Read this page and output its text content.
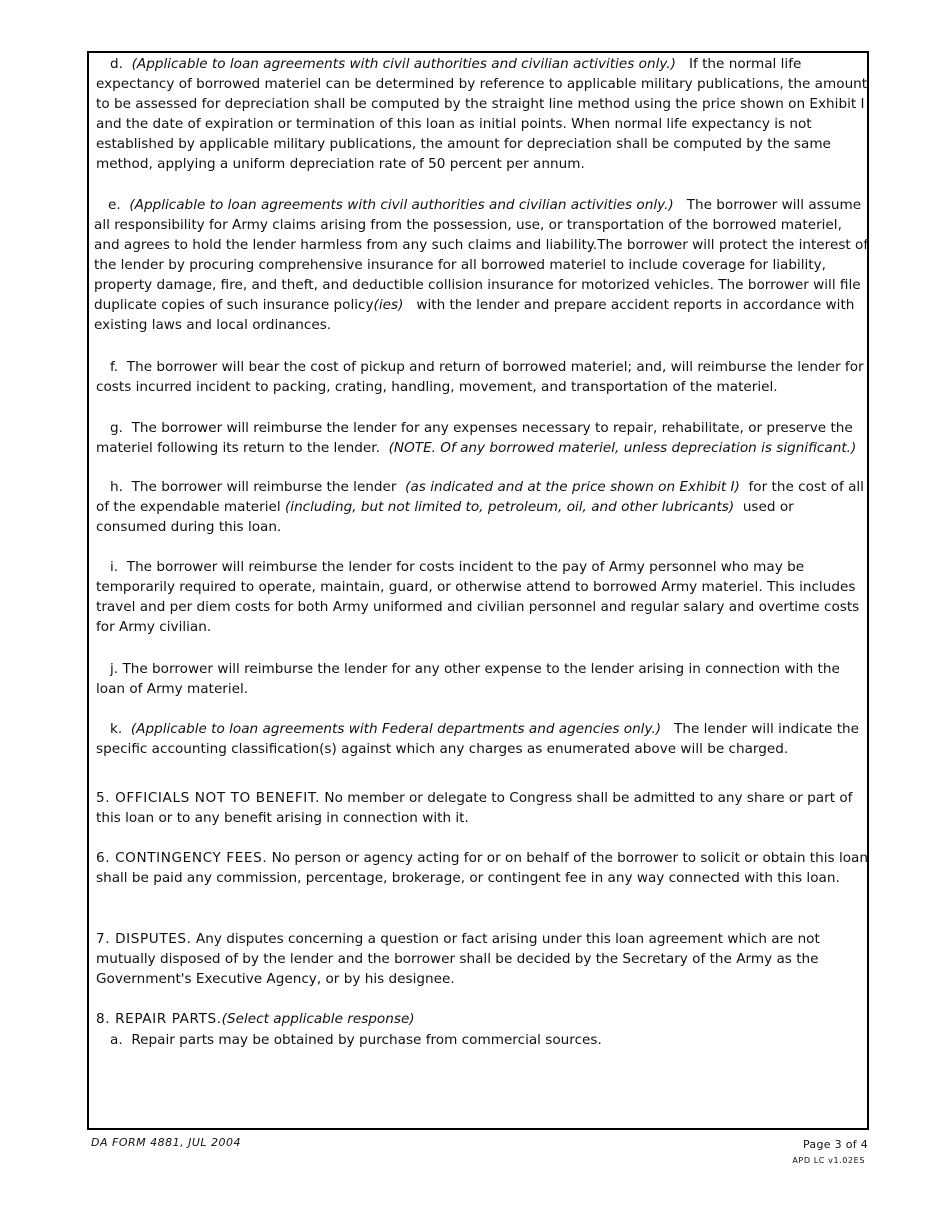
d. (Applicable to loan agreements with civil authorities and civilian activities only.) If the normal life expectancy of borrowed materiel can be determined by reference to applicable military publications, the amount to be assessed for depreciation shall be computed by the straight line method using the price shown on Exhibit I and the date of expiration or termination of this loan as initial points. When normal life expectancy is not established by applicable military publications, the amount for depreciation shall be computed by the same method, applying a uniform depreciation rate of 50 percent per annum.

e. (Applicable to loan agreements with civil authorities and civilian activities only.) The borrower will assume all responsibility for Army claims arising from the possession, use, or transportation of the borrowed materiel, and agrees to hold the lender harmless from any such claims and liability.The borrower will protect the interest of the lender by procuring comprehensive insurance for all borrowed materiel to include coverage for liability, property damage, fire, and theft, and deductible collision insurance for motorized vehicles. The borrower will file duplicate copies of such insurance policy(ies) with the lender and prepare accident reports in accordance with existing laws and local ordinances.

f. The borrower will bear the cost of pickup and return of borrowed materiel; and, will reimburse the lender for costs incurred incident to packing, crating, handling, movement, and transportation of the materiel.

g. The borrower will reimburse the lender for any expenses necessary to repair, rehabilitate, or preserve the materiel following its return to the lender. (NOTE. Of any borrowed materiel, unless depreciation is significant.)

h. The borrower will reimburse the lender (as indicated and at the price shown on Exhibit I) for the cost of all of the expendable materiel (including, but not limited to, petroleum, oil, and other lubricants) used or consumed during this loan.

i. The borrower will reimburse the lender for costs incident to the pay of Army personnel who may be temporarily required to operate, maintain, guard, or otherwise attend to borrowed Army materiel. This includes travel and per diem costs for both Army uniformed and civilian personnel and regular salary and overtime costs for Army civilian.

j. The borrower will reimburse the lender for any other expense to the lender arising in connection with the loan of Army materiel.

k. (Applicable to loan agreements with Federal departments and agencies only.) The lender will indicate the specific accounting classification(s) against which any charges as enumerated above will be charged.

5. OFFICIALS NOT TO BENEFIT. No member or delegate to Congress shall be admitted to any share or part of this loan or to any benefit arising in connection with it.

6. CONTINGENCY FEES. No person or agency acting for or on behalf of the borrower to solicit or obtain this loan shall be paid any commission, percentage, brokerage, or contingent fee in any way connected with this loan.

7. DISPUTES. Any disputes concerning a question or fact arising under this loan agreement which are not mutually disposed of by the lender and the borrower shall be decided by the Secretary of the Army as the Government's Executive Agency, or by his designee.

8. REPAIR PARTS.(Select applicable response)

a. Repair parts may be obtained by purchase from commercial sources.

DA FORM 4881, JUL 2004	Page 3 of 4
APD LC v1.02ES
